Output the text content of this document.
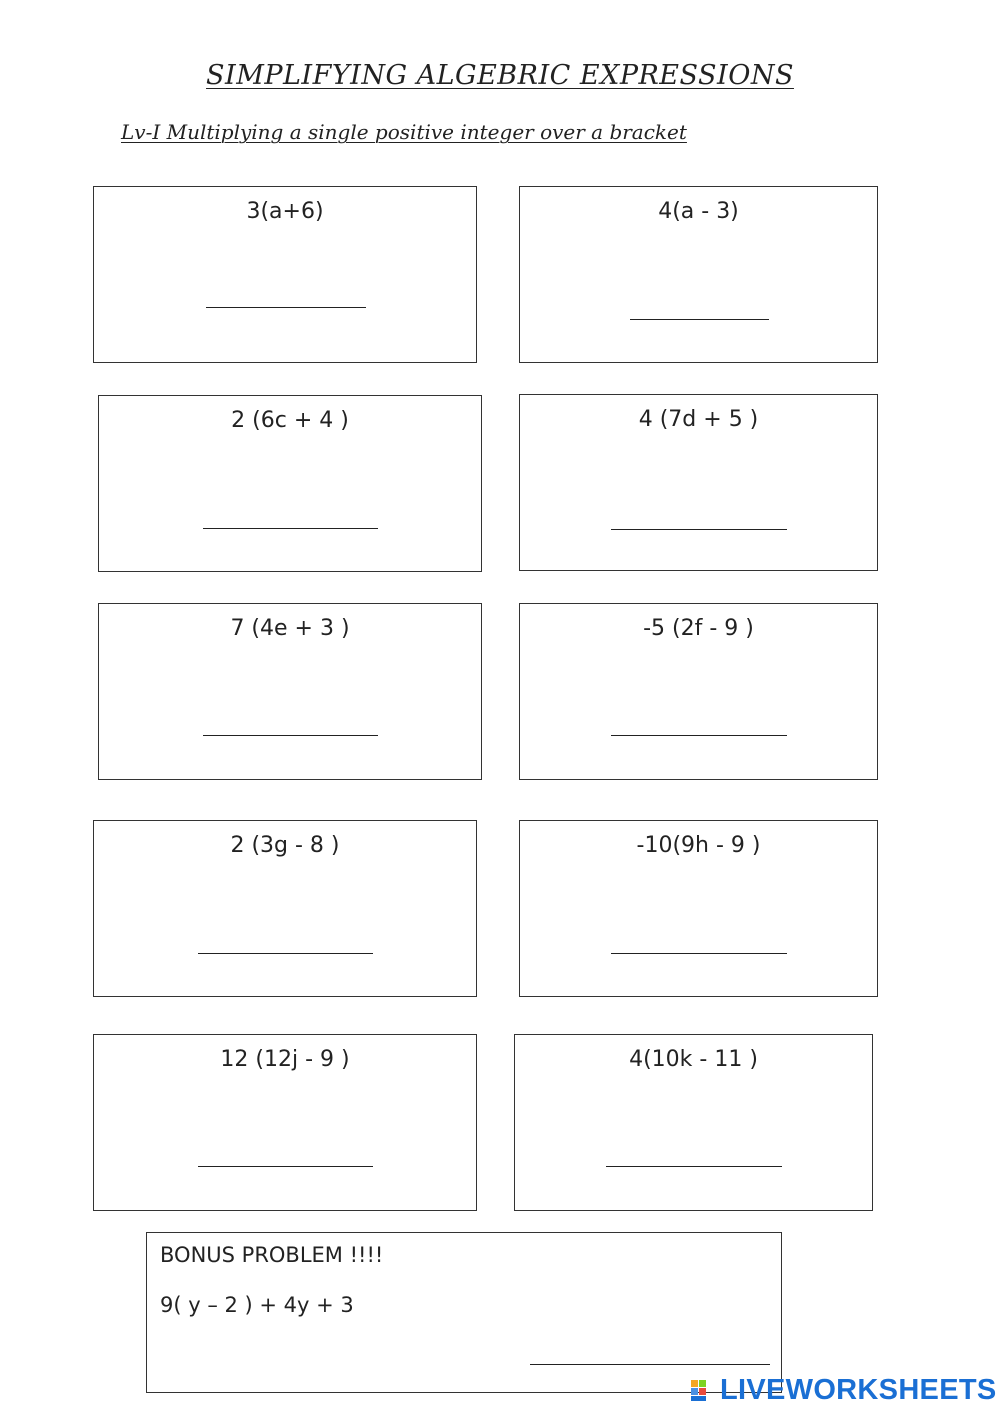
SIMPLIFYING ALGEBRIC EXPRESSIONS
Lv-I Multiplying a single positive integer over a bracket
3(a+6)	4(a - 3)
2 (6c + 4 )	4 (7d + 5 )
7 (4e + 3 )	-5 (2f - 9 )
2 (3g - 8 )	-10(9h - 9 )
12 (12j - 9 )	4(10k - 11 )
BONUS PROBLEM !!!!
9( y – 2 ) + 4y + 3
LIVEWORKSHEETS
